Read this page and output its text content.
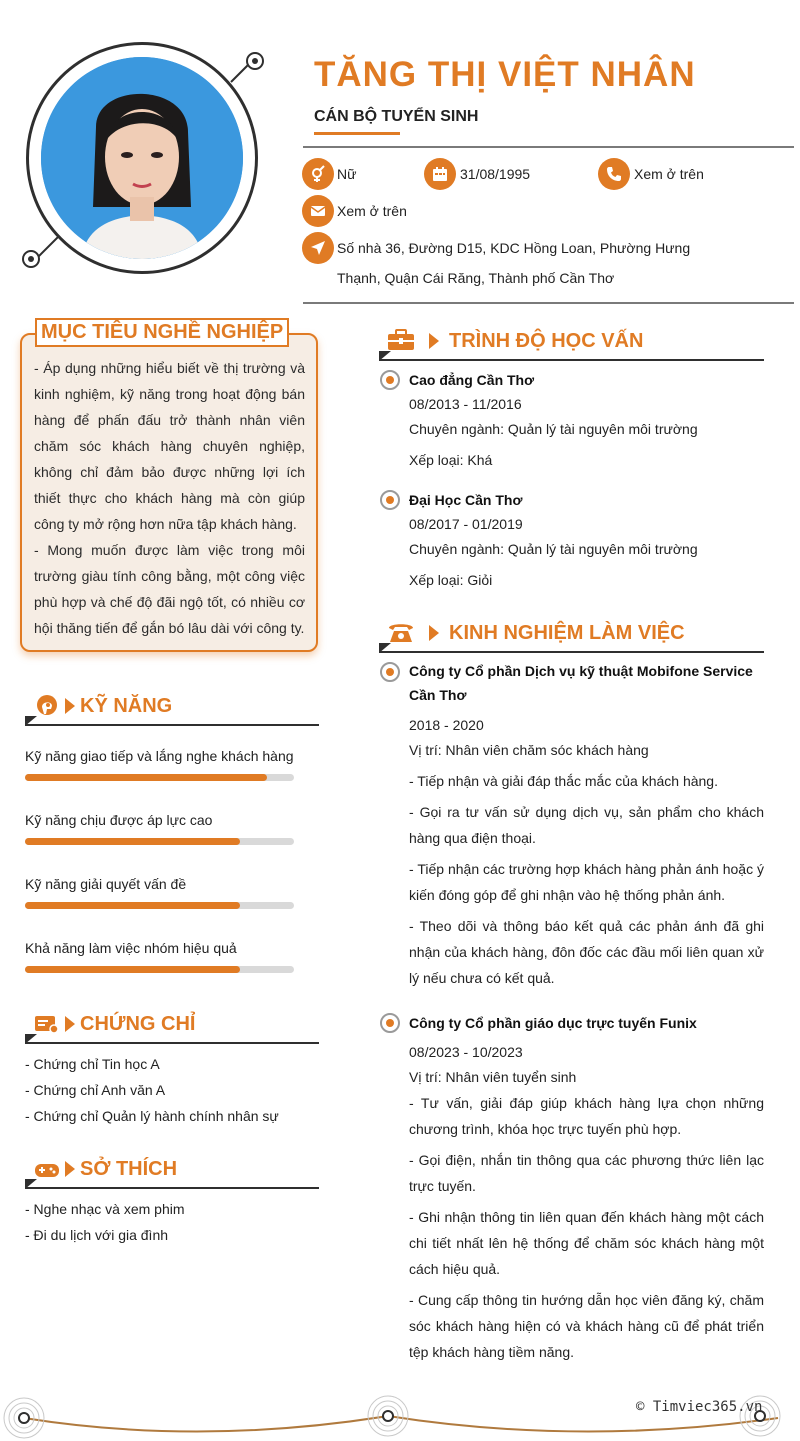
TĂNG THỊ VIỆT NHÂN
CÁN BỘ TUYỂN SINH
Nữ	31/08/1995	Xem ở trên
Xem ở trên
Số nhà 36, Đường D15, KDC Hồng Loan, Phường Hưng
Thạnh, Quận Cái Răng, Thành phố Cần Thơ
MỤC TIÊU NGHỀ NGHIỆP

- Áp dụng những hiểu biết về thị trường và kinh nghiệm, kỹ năng trong hoạt động bán hàng để phấn đấu trở thành nhân viên chăm sóc khách hàng chuyên nghiệp, không chỉ đảm bảo được những lợi ích thiết thực cho khách hàng mà còn giúp công ty mở rộng hơn nữa tập khách hàng.

- Mong muốn được làm việc trong môi trường giàu tính công bằng, một công việc phù hợp và chế độ đãi ngộ tốt, có nhiều cơ hội thăng tiến để gắn bó lâu dài với công ty.

KỸ NĂNG
Kỹ năng giao tiếp và lắng nghe khách hàng
Kỹ năng chịu được áp lực cao
Kỹ năng giải quyết vấn đề
Khả năng làm việc nhóm hiệu quả
CHỨNG CHỈ
- Chứng chỉ Tin học A
- Chứng chỉ Anh văn A
- Chứng chỉ Quản lý hành chính nhân sự
SỞ THÍCH
- Nghe nhạc và xem phim
- Đi du lịch với gia đình
TRÌNH ĐỘ HỌC VẤN
Cao đẳng Cần Thơ
08/2013 - 11/2016
Chuyên ngành: Quản lý tài nguyên môi trường
Xếp loại: Khá
Đại Học Cần Thơ
08/2017 - 01/2019
Chuyên ngành: Quản lý tài nguyên môi trường
Xếp loại: Giỏi
KINH NGHIỆM LÀM VIỆC
Công ty Cổ phần Dịch vụ kỹ thuật Mobifone Service Cần Thơ
2018 - 2020
Vị trí: Nhân viên chăm sóc khách hàng
- Tiếp nhận và giải đáp thắc mắc của khách hàng.
- Gọi ra tư vấn sử dụng dịch vụ, sản phẩm cho khách hàng qua điện thoại.
- Tiếp nhận các trường hợp khách hàng phản ánh hoặc ý kiến đóng góp để ghi nhận vào hệ thống phản ánh.
- Theo dõi và thông báo kết quả các phản ánh đã ghi nhận của khách hàng, đôn đốc các đầu mối liên quan xử lý nếu chưa có kết quả.
Công ty Cổ phần giáo dục trực tuyến Funix
08/2023 - 10/2023
Vị trí: Nhân viên tuyển sinh
- Tư vấn, giải đáp giúp khách hàng lựa chọn những chương trình, khóa học trực tuyến phù hợp.
- Gọi điện, nhắn tin thông qua các phương thức liên lạc trực tuyến.
- Ghi nhận thông tin liên quan đến khách hàng một cách chi tiết nhất lên hệ thống để chăm sóc khách hàng một cách hiệu quả.
- Cung cấp thông tin hướng dẫn học viên đăng ký, chăm sóc khách hàng hiện có và khách hàng cũ để phát triển tệp khách hàng tiềm năng.
© Timviec365.vn
